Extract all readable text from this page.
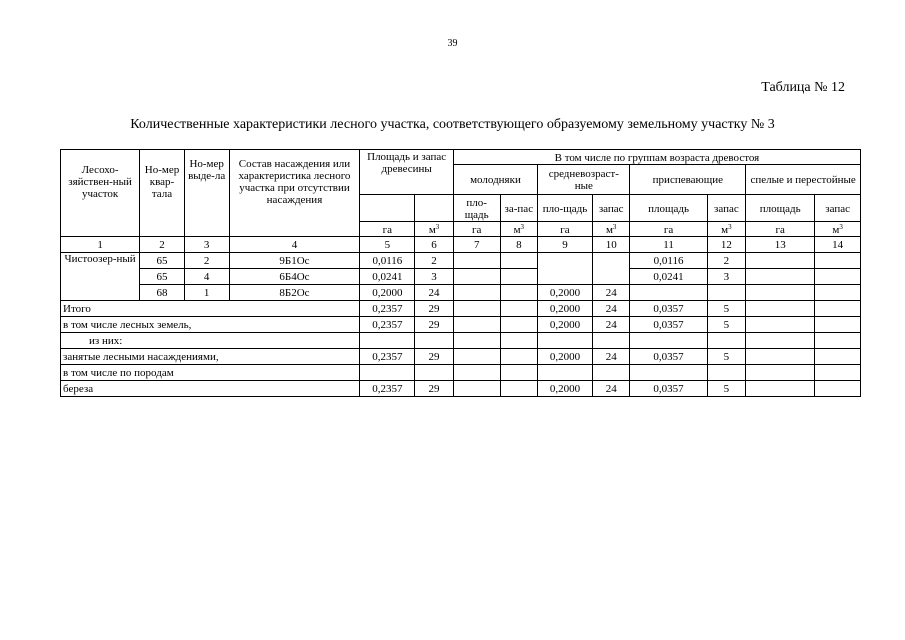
39
Таблица № 12
Количественные характеристики лесного участка, соответствующего образуемому земельному участку № 3
Лесохо-зяйствен-ный участок	Но-мер квар-тала	Но-мер выде-ла	Состав насаждения или характеристика лесного участка при отсутствии насаждения	Площадь и запас древесины		В том числе по группам возраста древостоя							
						молодняки		средневозраст-ные		приспевающие		спелые и перестойные	
						пло-щадь	за-пас	пло-щадь	запас	площадь	запас	площадь	запас
				га	$м^3$	га	$м^3$	га	$м^3$	га	$м^3$	га	$м^3$
1	2	3	4	5	6	7	8	9	10	11	12	13	14
Чистоозер-ный	65	2	9Б1Ос	0,0116	2					0,0116	2		
	65	4	6Б4Ос	0,0241	3					0,0241	3		
	68	1	8Б2Ос	0,2000	24			0,2000	24				
Итого				0,2357	29			0,2000	24	0,0357	5		
в том числе лесных земель,				0,2357	29			0,2000	24	0,0357	5		
из них:													
занятые лесными насаждениями,				0,2357	29			0,2000	24	0,0357	5		
в том числе по породам													
береза				0,2357	29			0,2000	24	0,0357	5		
